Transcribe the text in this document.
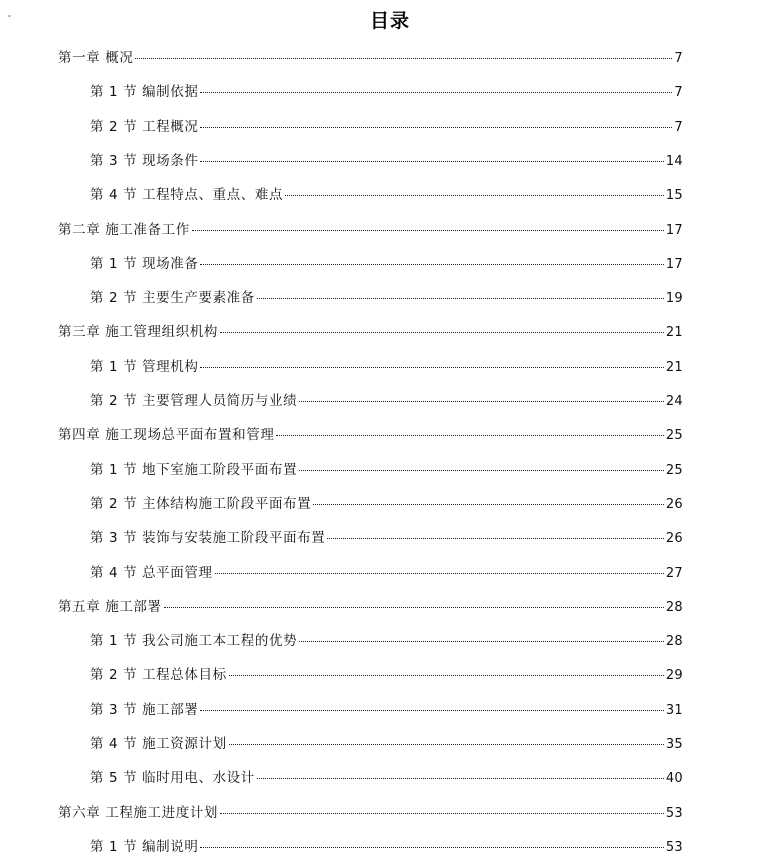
⌄	目录
第一章 概况	7
第 1 节 编制依据	7
第 2 节 工程概况	7
第 3 节 现场条件	14
第 4 节 工程特点、重点、难点	15
第二章 施工准备工作	17
第 1 节 现场准备	17
第 2 节 主要生产要素准备	19
第三章 施工管理组织机构	21
第 1 节 管理机构	21
第 2 节 主要管理人员简历与业绩	24
第四章 施工现场总平面布置和管理	25
第 1 节 地下室施工阶段平面布置	25
第 2 节 主体结构施工阶段平面布置	26
第 3 节 装饰与安装施工阶段平面布置	26
第 4 节 总平面管理	27
第五章 施工部署	28
第 1 节 我公司施工本工程的优势	28
第 2 节 工程总体目标	29
第 3 节 施工部署	31
第 4 节 施工资源计划	35
第 5 节 临时用电、水设计	40
第六章 工程施工进度计划	53
第 1 节 编制说明	53
